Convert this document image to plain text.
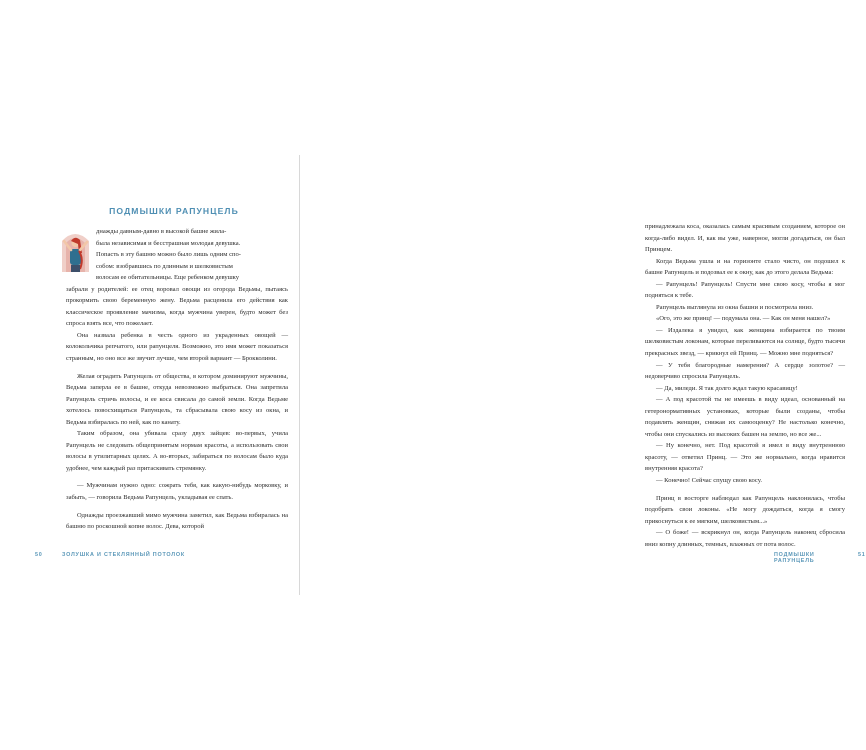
ПОДМЫШКИ РАПУНЦЕЛЬ

днажды давным-давно в высокой башне жила-

была независимая и бесстрашная молодая девушка.

Попасть в эту башню можно было лишь одним спо-

собом: взобравшись по длинным и шелковистым

волосам ее обитательницы. Еще ребенком девушку

забрали у родителей: ее отец воровал овощи из огорода Ведьмы, пытаясь прокормить свою беременную жену. Ведьма расценила его действия как классическое проявление мачизма, когда мужчина уверен, будто может без спроса взять все, что пожелает.

Она назвала ребенка в честь одного из украденных овощей — колокольчика репчатого, или рапунцеля. Возможно, это имя может показаться странным, но оно все же звучит лучше, чем второй вариант — Брокколини.

Желая оградить Рапунцель от общества, в котором доминируют мужчины, Ведьма заперла ее в башне, откуда невозможно выбраться. Она запретила Рапунцель стричь волосы, и ее коса свисала до самой земли. Когда Ведьме хотелось повосхищаться Рапунцель, та сбрасывала свою косу из окна, и Ведьма взбиралась по ней, как по канату.

Таким образом, она убивала сразу двух зайцев: во-первых, учила Рапунцель не следовать общепринятым нормам красоты, а использовать свои волосы в утилитарных целях. А во-вторых, забираться по волосам было куда удобнее, чем каждый раз притаскивать стремянку.

— Мужчинам нужно одно: сожрать тебя, как какую-нибудь морковку, и забыть, — говорила Ведьма Рапунцель, укладывая ее спать.

Однажды проезжавший мимо мужчина заметил, как Ведьма взбиралась на башню по роскошной копне волос. Дева, которой

50	ЗОЛУШКА И СТЕКЛЯННЫЙ ПОТОЛОК

принадлежала коса, оказалась самым красивым созданием, которое он когда-либо видел. И, как вы уже, наверное, могли догадаться, он был Принцем.

Когда Ведьма ушла и на горизонте стало чисто, он подошел к башне Рапунцель и подозвал ее к окну, как до этого делала Ведьма:

— Рапунцель! Рапунцель! Спусти мне свою косу, чтобы я мог подняться к тебе.

Рапунцель выглянула из окна башни и посмотрела вниз.

«Ого, это же принц! — подумала она. — Как он меня нашел?»

— Издалека я увидел, как женщина взбирается по твоим шелковистым локонам, которые переливаются на солнце, будто тысячи прекрасных звезд, — крикнул ей Принц. — Можно мне подняться?

— У тебя благородные намерения? А сердце золотое? — недоверчиво спросила Рапунцель.

— Да, миледи. Я так долго ждал такую красавицу!

— А под красотой ты не имеешь в виду идеал, основанный на гетеронормативных установках, которые были созданы, чтобы подавлять женщин, снижая их самооценку? Не настолько конечно, чтобы они спускались из высоких башен на землю, но все же...

— Ну конечно, нет. Под красотой я имел в виду внутреннюю красоту, — ответил Принц. — Это же нормально, когда нравится внутренняя красота?

— Конечно! Сейчас спущу свою косу.

Принц в восторге наблюдал как Рапунцель наклонилась, чтобы подобрать свои локоны. «Не могу дождаться, когда я смогу прикоснуться к ее мягким, шелковистым...»

— О боже! — вскрикнул он, когда Рапунцель наконец сбросила вниз копну длинных, темных, влажных от пота волос.

ПОДМЫШКИ РАПУНЦЕЛЬ
51
